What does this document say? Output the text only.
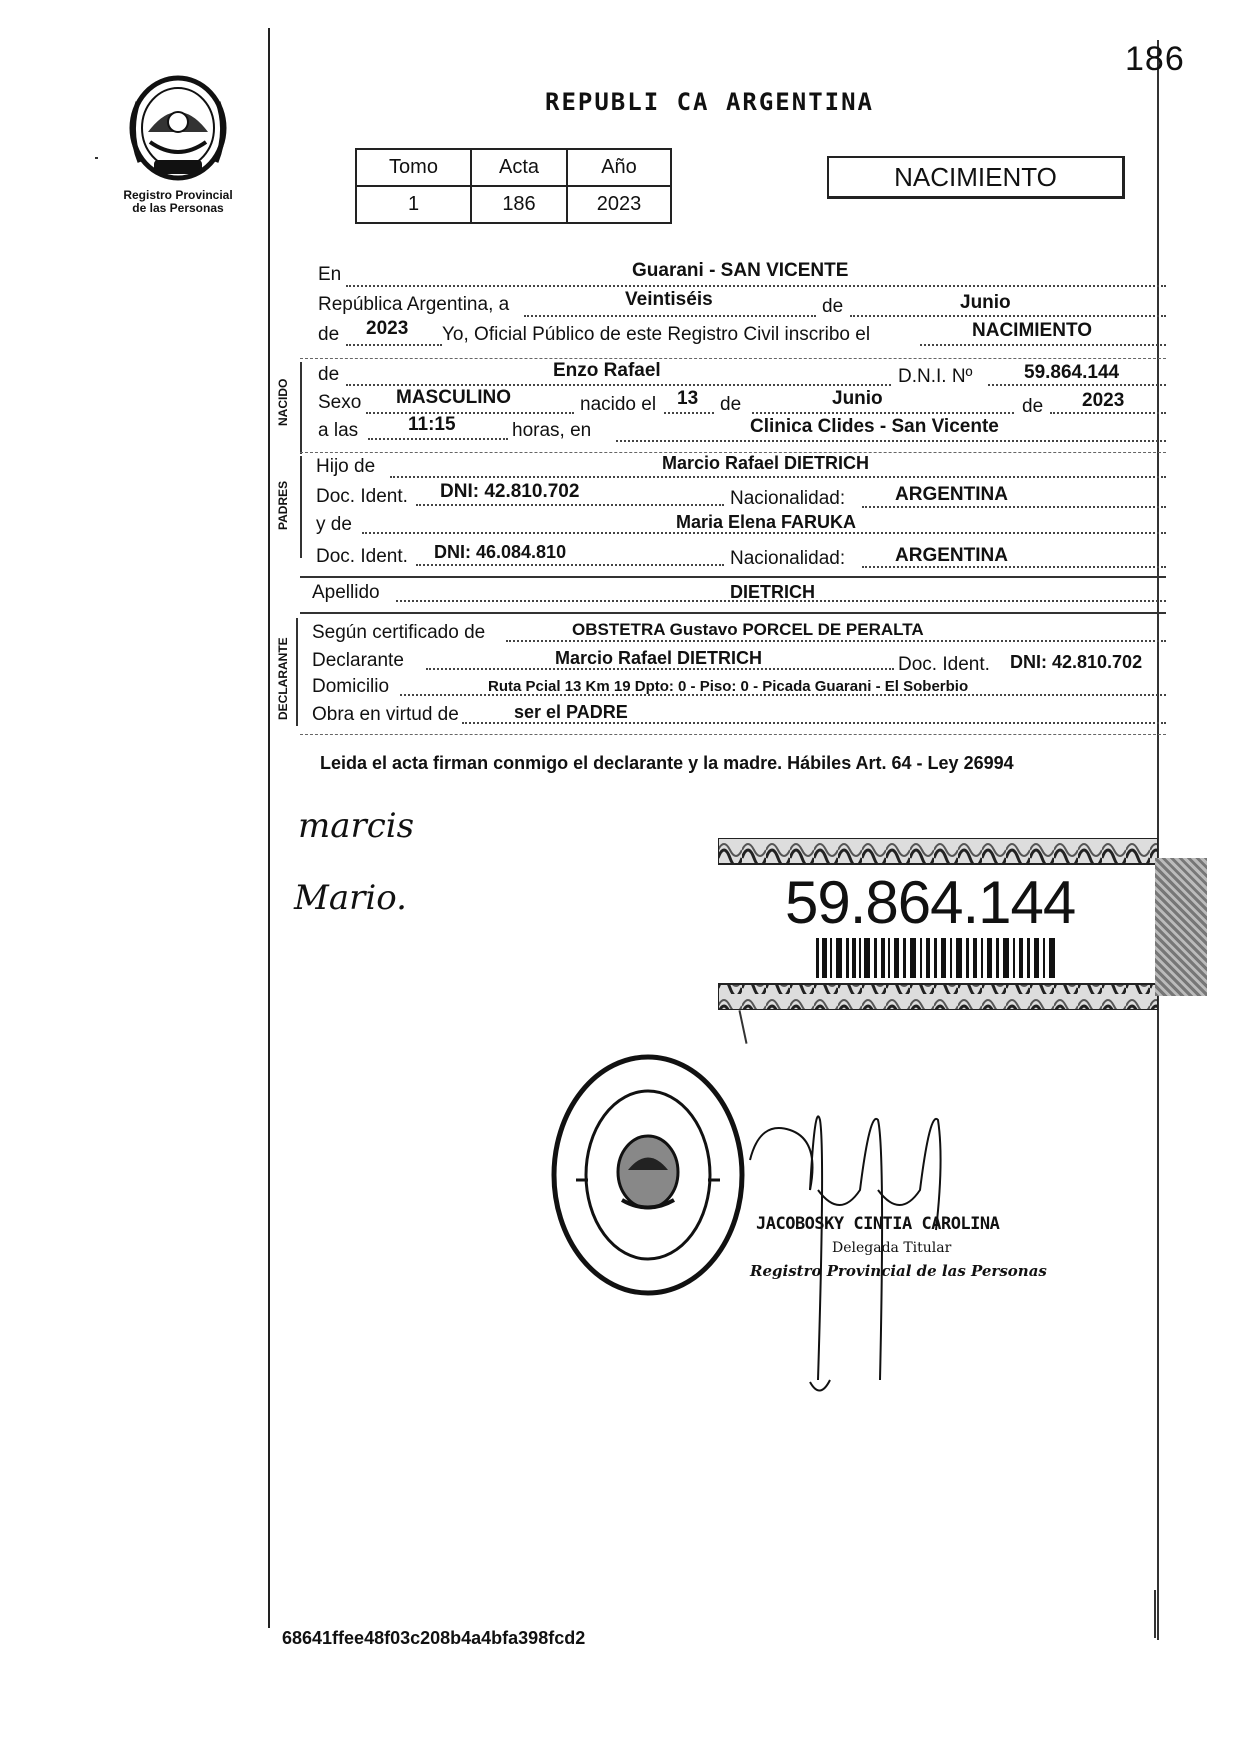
186
Registro Provincial
de las Personas
REPUBLI CA ARGENTINA
Tomo	Acta	Año
1	186	2023
NACIMIENTO
En	Guarani - SAN VICENTE
República Argentina, a	Veintiséis	de	Junio
de 2023 Yo, Oficial Público de este Registro Civil inscribo el	NACIMIENTO
NACIDO
de	Enzo Rafael	D.N.I. Nº	59.864.144
Sexo MASCULINO	nacido el 13 de	Junio	de 2023
a las	11:15	horas, en	Clinica Clides - San Vicente
PADRES
Hijo de	Marcio Rafael DIETRICH
Doc. Ident. DNI: 42.810.702	Nacionalidad:	ARGENTINA
y de	Maria Elena FARUKA
Doc. Ident. DNI: 46.084.810	Nacionalidad:	ARGENTINA
Apellido	DIETRICH
DECLARANTE
Según certificado de	OBSTETRA Gustavo PORCEL DE PERALTA
Declarante	Marcio Rafael DIETRICH	Doc. Ident. DNI: 42.810.702
Domicilio	Ruta Pcial 13 Km 19 Dpto: 0 - Piso: 0 - Picada Guarani - El Soberbio
Obra en virtud de	ser el PADRE
Leida el acta firman conmigo el declarante y la madre. Hábiles Art. 64 - Ley 26994
marcis
Mario.	59.864.144
JACOBOSKY CINTIA CAROLINA
Delegada Titular
Registro Provincial de las Personas
68641ffee48f03c208b4a4bfa398fcd2
